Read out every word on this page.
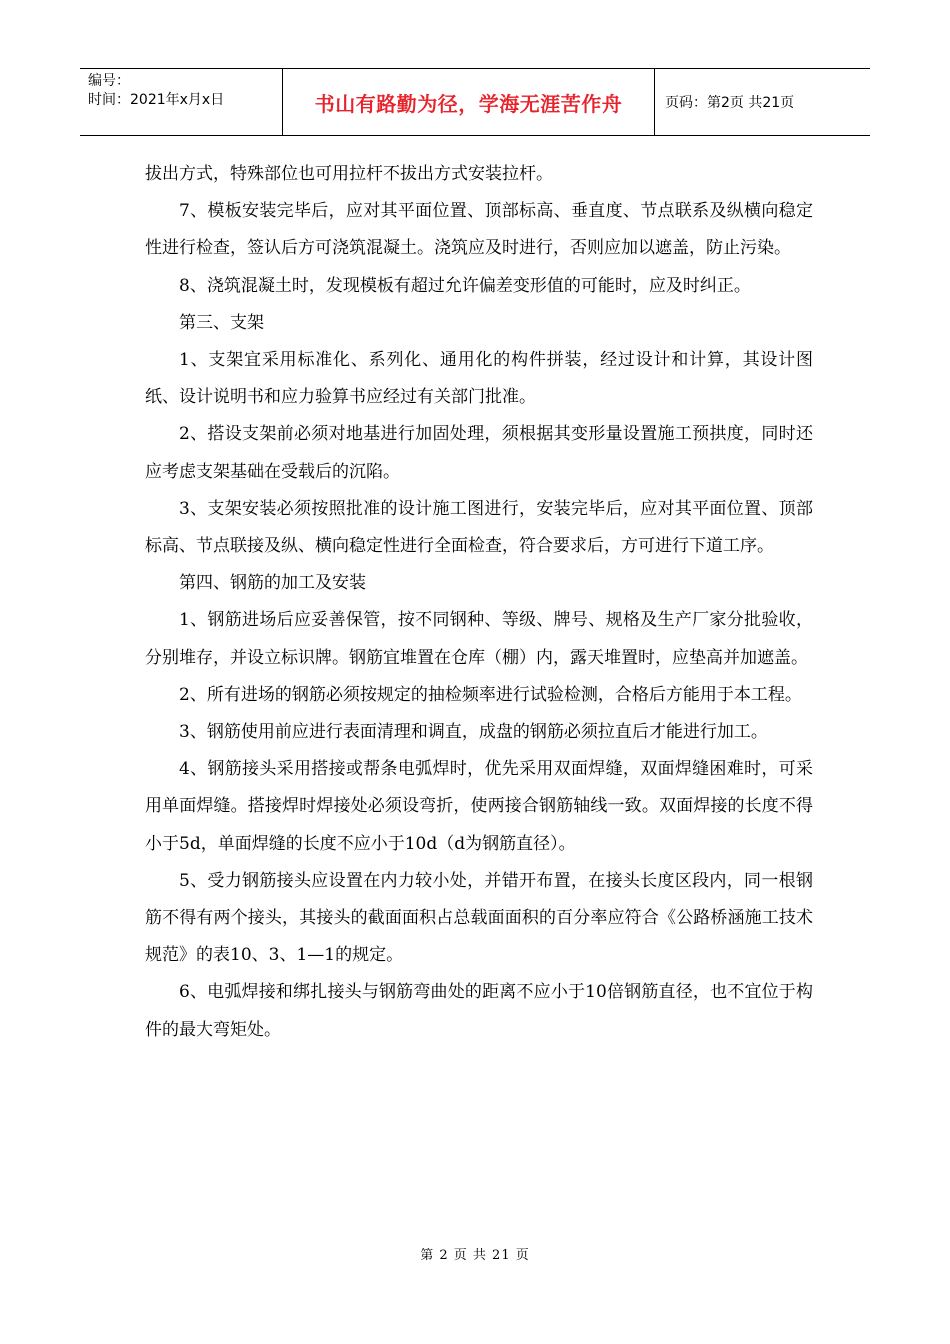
编号：
时间：2021年x月x日	书山有路勤为径，学海无涯苦作舟	页码：第2页 共21页

拔出方式，特殊部位也可用拉杆不拔出方式安装拉杆。

7、模板安装完毕后，应对其平面位置、顶部标高、垂直度、节点联系及纵横向稳定性进行检查，签认后方可浇筑混凝土。浇筑应及时进行，否则应加以遮盖，防止污染。

8、浇筑混凝土时，发现模板有超过允许偏差变形值的可能时，应及时纠正。

第三、支架

1、支架宜采用标准化、系列化、通用化的构件拼装，经过设计和计算，其设计图纸、设计说明书和应力验算书应经过有关部门批准。

2、搭设支架前必须对地基进行加固处理，须根据其变形量设置施工预拱度，同时还应考虑支架基础在受载后的沉陷。

3、支架安装必须按照批准的设计施工图进行，安装完毕后，应对其平面位置、顶部标高、节点联接及纵、横向稳定性进行全面检查，符合要求后，方可进行下道工序。

第四、钢筋的加工及安装

1、钢筋进场后应妥善保管，按不同钢种、等级、牌号、规格及生产厂家分批验收，分别堆存，并设立标识牌。钢筋宜堆置在仓库（棚）内，露天堆置时，应垫高并加遮盖。

2、所有进场的钢筋必须按规定的抽检频率进行试验检测，合格后方能用于本工程。

3、钢筋使用前应进行表面清理和调直，成盘的钢筋必须拉直后才能进行加工。

4、钢筋接头采用搭接或帮条电弧焊时，优先采用双面焊缝，双面焊缝困难时，可采用单面焊缝。搭接焊时焊接处必须设弯折，使两接合钢筋轴线一致。双面焊接的长度不得小于5d，单面焊缝的长度不应小于10d（d为钢筋直径）。

5、受力钢筋接头应设置在内力较小处，并错开布置，在接头长度区段内，同一根钢筋不得有两个接头，其接头的截面面积占总载面面积的百分率应符合《公路桥涵施工技术规范》的表10、3、1—1的规定。

6、电弧焊接和绑扎接头与钢筋弯曲处的距离不应小于10倍钢筋直径，也不宜位于构件的最大弯矩处。

第 2 页 共 21 页
